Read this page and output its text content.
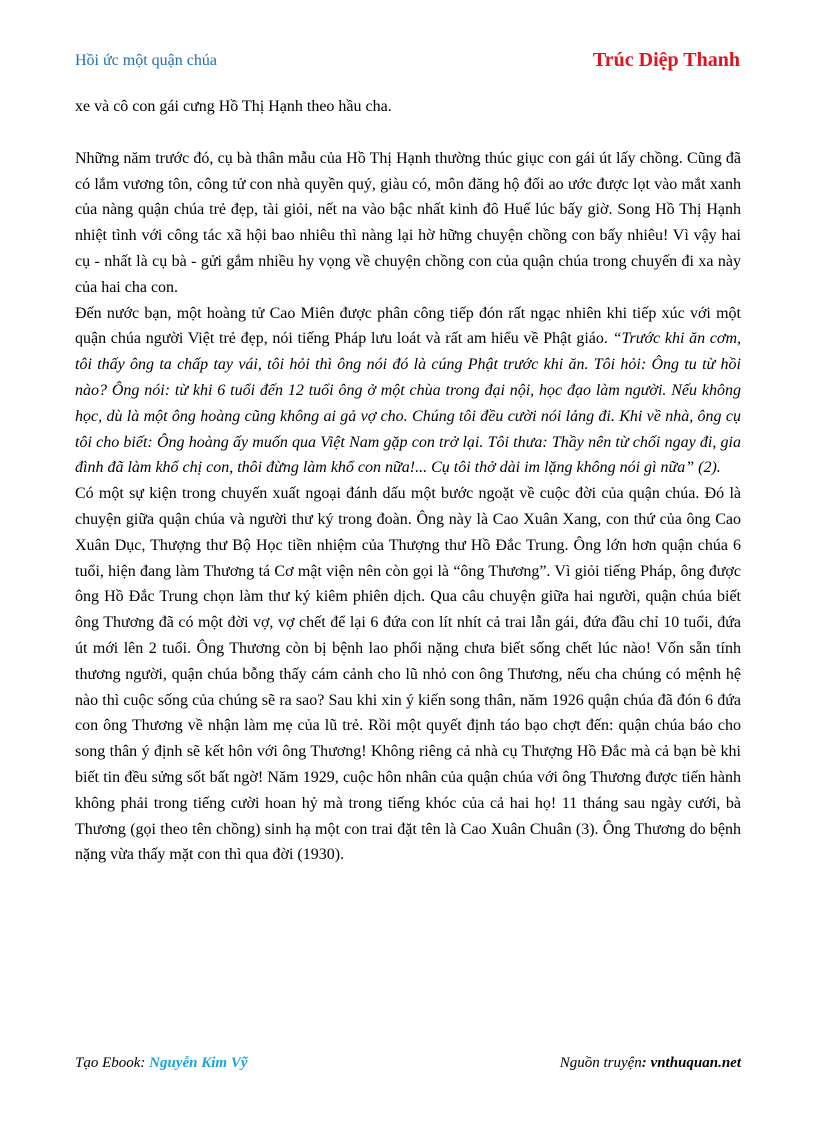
Hồi ức một quận chúa	Trúc Diệp Thanh

xe và cô con gái cưng Hồ Thị Hạnh theo hầu cha.

Những năm trước đó, cụ bà thân mẫu của Hồ Thị Hạnh thường thúc giục con gái út lấy chồng. Cũng đã có lắm vương tôn, công tử con nhà quyền quý, giàu có, môn đăng hộ đối ao ước được lọt vào mắt xanh của nàng quận chúa trẻ đẹp, tài giỏi, nết na vào bậc nhất kinh đô Huế lúc bấy giờ. Song Hồ Thị Hạnh nhiệt tình với công tác xã hội bao nhiêu thì nàng lại hờ hững chuyện chồng con bấy nhiêu! Vì vậy hai cụ - nhất là cụ bà - gửi gắm nhiều hy vọng về chuyện chồng con của quận chúa trong chuyến đi xa này của hai cha con.

Đến nước bạn, một hoàng tử Cao Miên được phân công tiếp đón rất ngạc nhiên khi tiếp xúc với một quận chúa người Việt trẻ đẹp, nói tiếng Pháp lưu loát và rất am hiểu về Phật giáo. “Trước khi ăn cơm, tôi thấy ông ta chấp tay vái, tôi hỏi thì ông nói đó là cúng Phật trước khi ăn. Tôi hỏi: Ông tu từ hồi nào? Ông nói: từ khi 6 tuổi đến 12 tuổi ông ở một chùa trong đại nội, học đạo làm người. Nếu không học, dù là một ông hoàng cũng không ai gả vợ cho. Chúng tôi đều cười nói lảng đi. Khi về nhà, ông cụ tôi cho biết: Ông hoàng ấy muốn qua Việt Nam gặp con trở lại. Tôi thưa: Thầy nên từ chối ngay đi, gia đình đã làm khổ chị con, thôi đừng làm khổ con nữa!... Cụ tôi thở dài im lặng không nói gì nữa” (2).

Có một sự kiện trong chuyến xuất ngoại đánh dấu một bước ngoặt về cuộc đời của quận chúa. Đó là chuyện giữa quận chúa và người thư ký trong đoàn. Ông này là Cao Xuân Xang, con thứ của ông Cao Xuân Dục, Thượng thư Bộ Học tiền nhiệm của Thượng thư Hồ Đắc Trung. Ông lớn hơn quận chúa 6 tuổi, hiện đang làm Thương tá Cơ mật viện nên còn gọi là “ông Thương”. Vì giỏi tiếng Pháp, ông được ông Hồ Đắc Trung chọn làm thư ký kiêm phiên dịch. Qua câu chuyện giữa hai người, quận chúa biết ông Thương đã có một đời vợ, vợ chết để lại 6 đứa con lít nhít cả trai lẫn gái, đứa đầu chỉ 10 tuổi, đứa út mới lên 2 tuổi. Ông Thương còn bị bệnh lao phổi nặng chưa biết sống chết lúc nào! Vốn sẵn tính thương người, quận chúa bỗng thấy cám cảnh cho lũ nhỏ con ông Thương, nếu cha chúng có mệnh hệ nào thì cuộc sống của chúng sẽ ra sao? Sau khi xin ý kiến song thân, năm 1926 quận chúa đã đón 6 đứa con ông Thương về nhận làm mẹ của lũ trẻ. Rồi một quyết định táo bạo chợt đến: quận chúa báo cho song thân ý định sẽ kết hôn với ông Thương! Không riêng cả nhà cụ Thượng Hồ Đắc mà cả bạn bè khi biết tin đều sửng sốt bất ngờ! Năm 1929, cuộc hôn nhân của quận chúa với ông Thương được tiến hành không phải trong tiếng cười hoan hỷ mà trong tiếng khóc của cả hai họ! 11 tháng sau ngày cưới, bà Thương (gọi theo tên chồng) sinh hạ một con trai đặt tên là Cao Xuân Chuân (3). Ông Thương do bệnh nặng vừa thấy mặt con thì qua đời (1930).

Tạo Ebook: Nguyễn Kim Vỹ	Nguồn truyện: vnthuquan.net
